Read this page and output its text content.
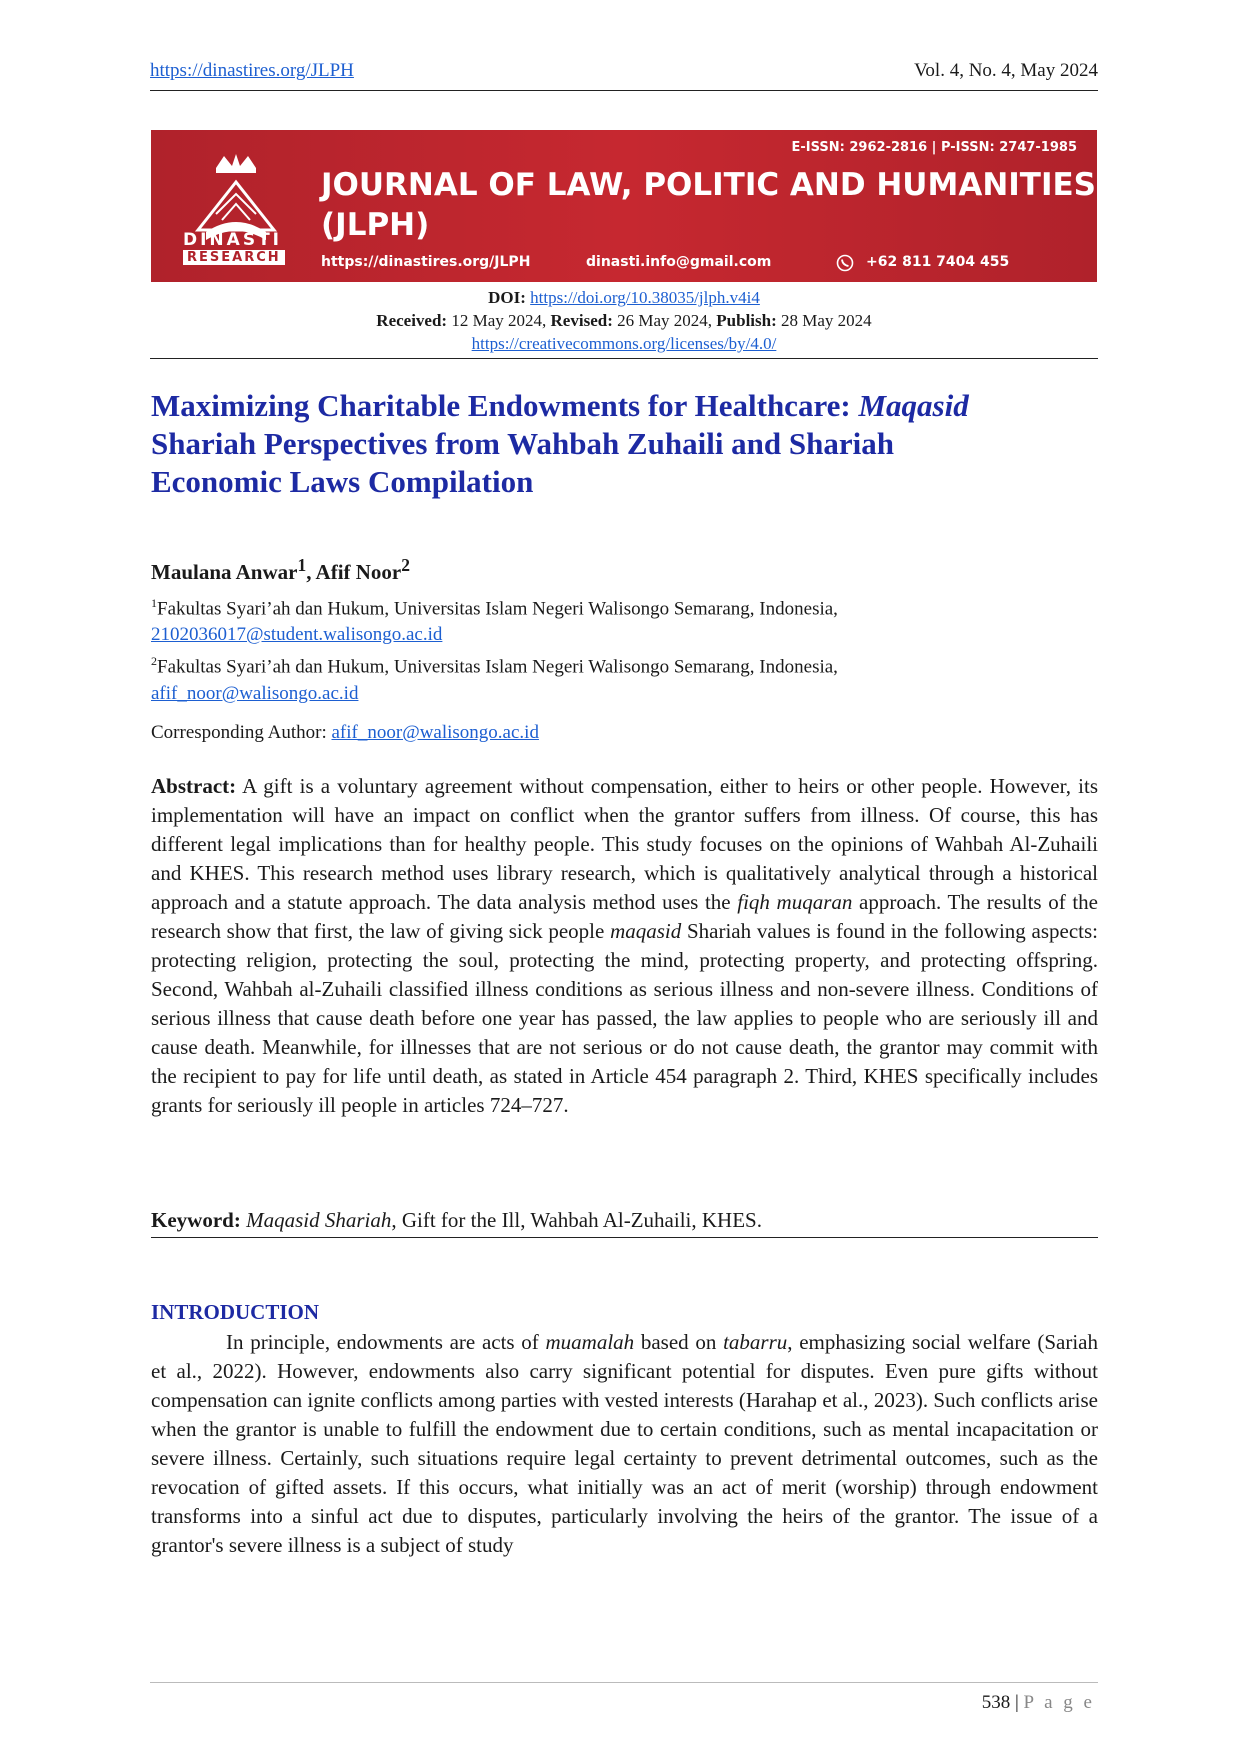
https://dinastires.org/JLPH	Vol. 4, No. 4, May 2024
DINASTI
RESEARCH
E-ISSN: 2962-2816 | P-ISSN: 2747-1985
JOURNAL OF LAW, POLITIC AND HUMANITIES
(JLPH)
https://dinastires.org/JLPH	dinasti.info@gmail.com	+62 811 7404 455
DOI: https://doi.org/10.38035/jlph.v4i4
Received: 12 May 2024, Revised: 26 May 2024, Publish: 28 May 2024
https://creativecommons.org/licenses/by/4.0/
Maximizing Charitable Endowments for Healthcare: Maqasid
Shariah Perspectives from Wahbah Zuhaili and Shariah
Economic Laws Compilation
Maulana Anwar$^1$, Afif Noor$^2$
$^1$Fakultas Syari’ah dan Hukum, Universitas Islam Negeri Walisongo Semarang, Indonesia,
2102036017@student.walisongo.ac.id
$^2$Fakultas Syari’ah dan Hukum, Universitas Islam Negeri Walisongo Semarang, Indonesia,
afif_noor@walisongo.ac.id
Corresponding Author: afif_noor@walisongo.ac.id

Abstract: A gift is a voluntary agreement without compensation, either to heirs or other people. However, its implementation will have an impact on conflict when the grantor suffers from illness. Of course, this has different legal implications than for healthy people. This study focuses on the opinions of Wahbah Al-Zuhaili and KHES. This research method uses library research, which is qualitatively analytical through a historical approach and a statute approach. The data analysis method uses the fiqh muqaran approach. The results of the research show that first, the law of giving sick people maqasid Shariah values is found in the following aspects: protecting religion, protecting the soul, protecting the mind, protecting property, and protecting offspring. Second, Wahbah al-Zuhaili classified illness conditions as serious illness and non-severe illness. Conditions of serious illness that cause death before one year has passed, the law applies to people who are seriously ill and cause death. Meanwhile, for illnesses that are not serious or do not cause death, the grantor may commit with the recipient to pay for life until death, as stated in Article 454 paragraph 2. Third, KHES specifically includes grants for seriously ill people in articles 724–727.

Keyword: Maqasid Shariah, Gift for the Ill, Wahbah Al-Zuhaili, KHES.
INTRODUCTION

In principle, endowments are acts of muamalah based on tabarru, emphasizing social welfare (Sariah et al., 2022). However, endowments also carry significant potential for disputes. Even pure gifts without compensation can ignite conflicts among parties with vested interests (Harahap et al., 2023). Such conflicts arise when the grantor is unable to fulfill the endowment due to certain conditions, such as mental incapacitation or severe illness. Certainly, such situations require legal certainty to prevent detrimental outcomes, such as the revocation of gifted assets. If this occurs, what initially was an act of merit (worship) through endowment transforms into a sinful act due to disputes, particularly involving the heirs of the grantor. The issue of a grantor's severe illness is a subject of study

538 | P a g e
